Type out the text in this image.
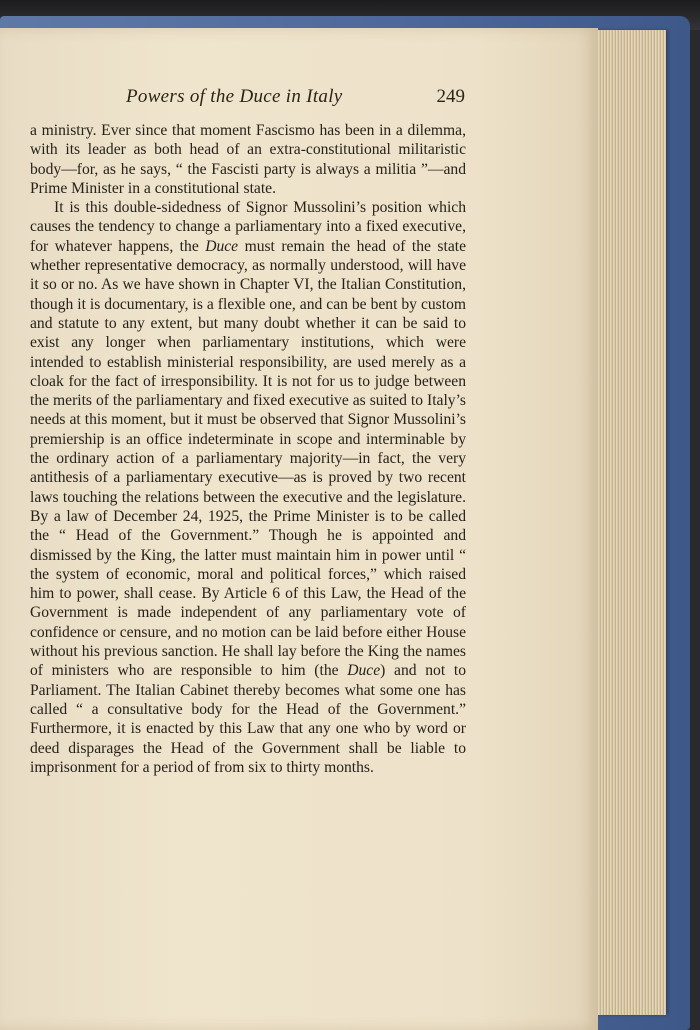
Powers of the Duce in Italy	249

a ministry. Ever since that moment Fascismo has been in a dilemma, with its leader as both head of an extra-constitutional militaristic body—for, as he says, “ the Fascisti party is always a militia ”—and Prime Minister in a constitutional state.

It is this double-sidedness of Signor Mussolini’s position which causes the tendency to change a parliamentary into a fixed executive, for whatever happens, the Duce must remain the head of the state whether representative democracy, as normally understood, will have it so or no. As we have shown in Chapter VI, the Italian Constitution, though it is documentary, is a flexible one, and can be bent by custom and statute to any extent, but many doubt whether it can be said to exist any longer when parliamentary institutions, which were intended to establish ministerial responsibility, are used merely as a cloak for the fact of irresponsibility. It is not for us to judge between the merits of the parliamentary and fixed executive as suited to Italy’s needs at this moment, but it must be observed that Signor Mussolini’s premiership is an office indeterminate in scope and interminable by the ordinary action of a parliamentary majority—in fact, the very antithesis of a parliamentary executive—as is proved by two recent laws touching the relations between the executive and the legislature. By a law of December 24, 1925, the Prime Minister is to be called the “ Head of the Government.” Though he is appointed and dismissed by the King, the latter must maintain him in power until “ the system of economic, moral and political forces,” which raised him to power, shall cease. By Article 6 of this Law, the Head of the Government is made independent of any parliamentary vote of confidence or censure, and no motion can be laid before either House without his previous sanction. He shall lay before the King the names of ministers who are responsible to him (the Duce) and not to Parliament. The Italian Cabinet thereby becomes what some one has called “ a consultative body for the Head of the Government.” Furthermore, it is enacted by this Law that any one who by word or deed disparages the Head of the Government shall be liable to imprisonment for a period of from six to thirty months.
